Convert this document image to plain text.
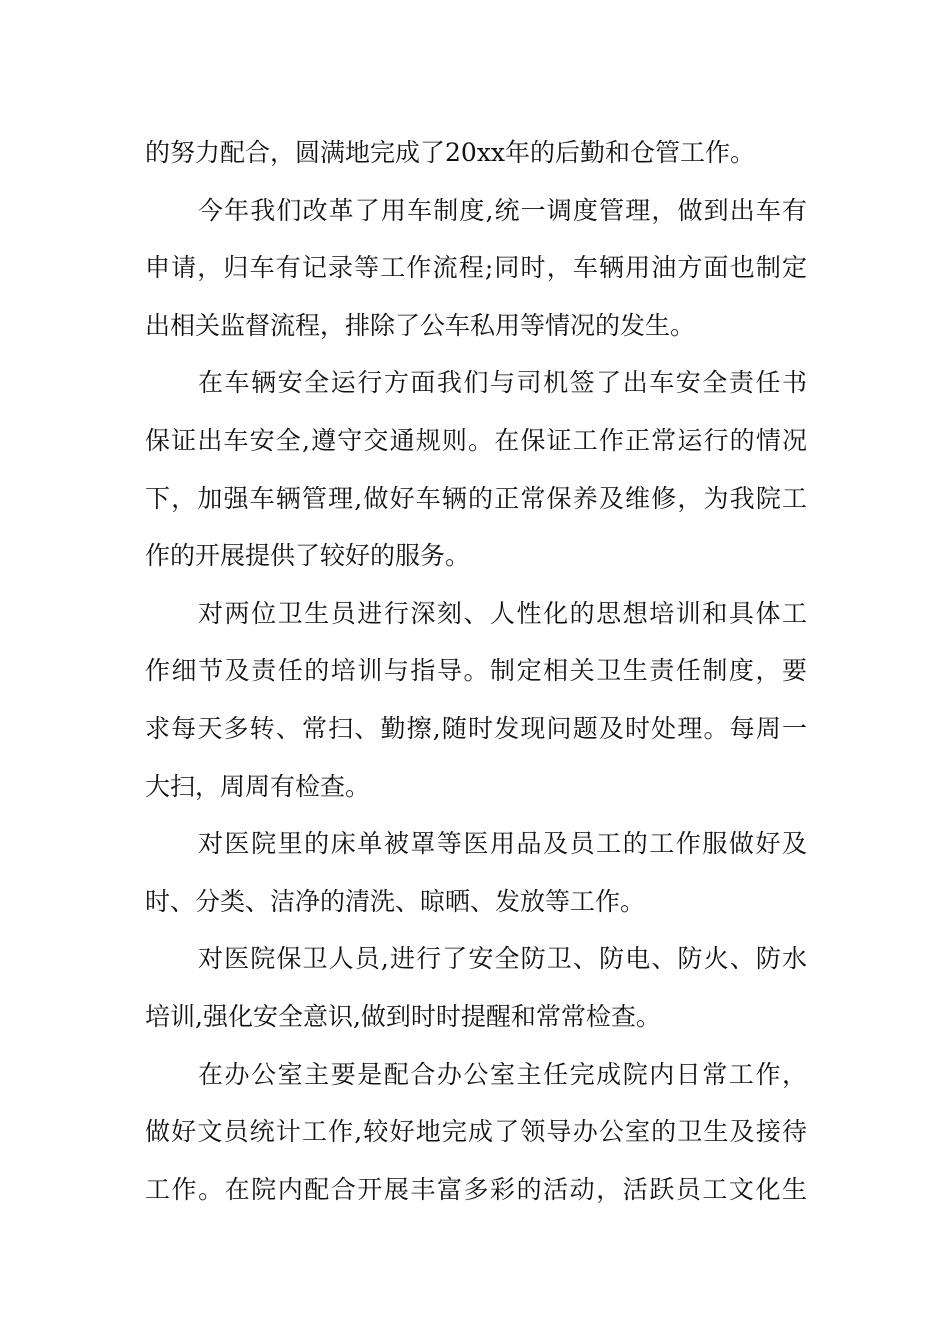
的努力配合，圆满地完成了20xx年的后勤和仓管工作。
今年我们改革了用车制度,统一调度管理，做到出车有
申请，归车有记录等工作流程;同时，车辆用油方面也制定
出相关监督流程，排除了公车私用等情况的发生。
在车辆安全运行方面我们与司机签了出车安全责任书
保证出车安全,遵守交通规则。在保证工作正常运行的情况
下，加强车辆管理,做好车辆的正常保养及维修，为我院工
作的开展提供了较好的服务。
对两位卫生员进行深刻、人性化的思想培训和具体工
作细节及责任的培训与指导。制定相关卫生责任制度，要
求每天多转、常扫、勤擦,随时发现问题及时处理。每周一
大扫，周周有检查。
对医院里的床单被罩等医用品及员工的工作服做好及
时、分类、洁净的清洗、晾晒、发放等工作。
对医院保卫人员,进行了安全防卫、防电、防火、防水
培训,强化安全意识,做到时时提醒和常常检查。
在办公室主要是配合办公室主任完成院内日常工作，
做好文员统计工作,较好地完成了领导办公室的卫生及接待
工作。在院内配合开展丰富多彩的活动，活跃员工文化生
